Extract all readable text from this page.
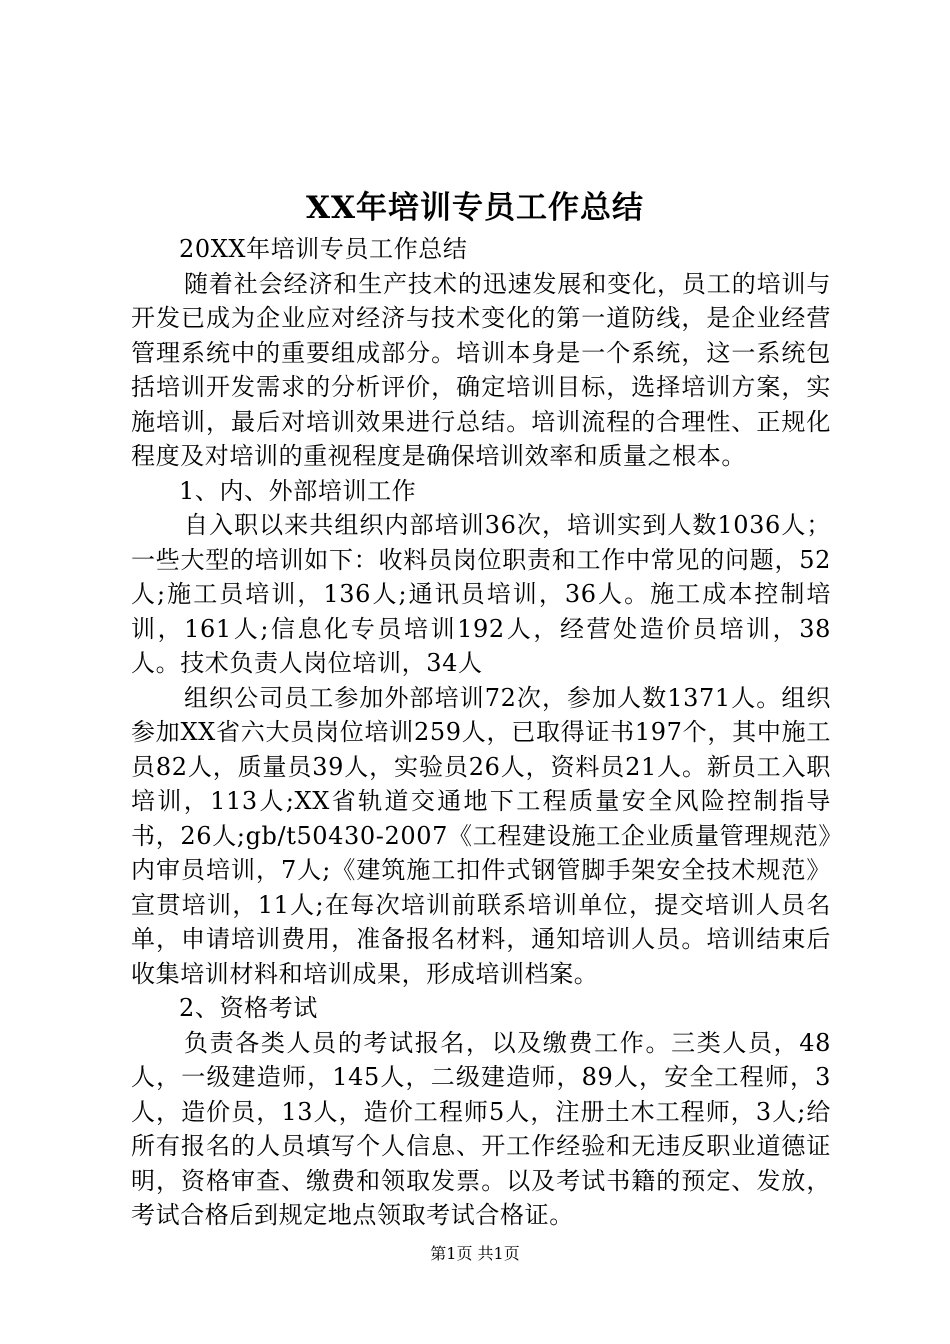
XX年培训专员工作总结

20XX年培训专员工作总结

随着社会经济和生产技术的迅速发展和变化，员工的培训与开发已成为企业应对经济与技术变化的第一道防线，是企业经营管理系统中的重要组成部分。培训本身是一个系统，这一系统包括培训开发需求的分析评价，确定培训目标，选择培训方案，实施培训，最后对培训效果进行总结。培训流程的合理性、正规化程度及对培训的重视程度是确保培训效率和质量之根本。

1、内、外部培训工作

自入职以来共组织内部培训36次，培训实到人数1036人；一些大型的培训如下：收料员岗位职责和工作中常见的问题，52人;施工员培训，136人;通讯员培训，36人。施工成本控制培训，161人;信息化专员培训192人，经营处造价员培训，38人。技术负责人岗位培训，34人

组织公司员工参加外部培训72次，参加人数1371人。组织参加XX省六大员岗位培训259人，已取得证书197个，其中施工员82人，质量员39人，实验员26人，资料员21人。新员工入职培训，113人;XX省轨道交通地下工程质量安全风险控制指导书，26人;gb/t50430-2007《工程建设施工企业质量管理规范》内审员培训，7人;《建筑施工扣件式钢管脚手架安全技术规范》宣贯培训，11人;在每次培训前联系培训单位，提交培训人员名单，申请培训费用，准备报名材料，通知培训人员。培训结束后收集培训材料和培训成果，形成培训档案。

2、资格考试

负责各类人员的考试报名，以及缴费工作。三类人员，48人，一级建造师，145人，二级建造师，89人，安全工程师，3人，造价员，13人，造价工程师5人，注册土木工程师，3人;给所有报名的人员填写个人信息、开工作经验和无违反职业道德证明，资格审查、缴费和领取发票。以及考试书籍的预定、发放，考试合格后到规定地点领取考试合格证。

第1页 共1页
